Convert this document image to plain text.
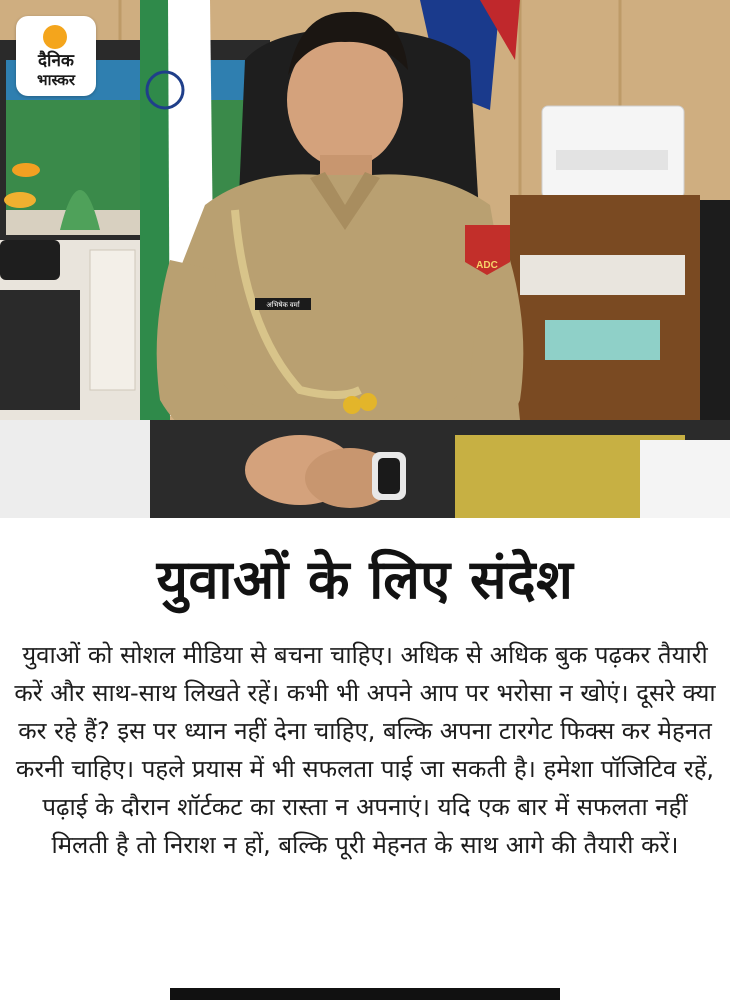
ADC
अभिषेक वर्मा
दैनिक
भास्कर
युवाओं के लिए संदेश

युवाओं को सोशल मीडिया से बचना चाहिए। अधिक से अधिक बुक पढ़कर तैयारी करें और साथ-साथ लिखते रहें। कभी भी अपने आप पर भरोसा न खोएं। दूसरे क्या कर रहे हैं? इस पर ध्यान नहीं देना चाहिए, बल्कि अपना टारगेट फिक्स कर मेहनत करनी चाहिए। पहले प्रयास में भी सफलता पाई जा सकती है। हमेशा पॉजिटिव रहें, पढ़ाई के दौरान शॉर्टकट का रास्ता न अपनाएं। यदि एक बार में सफलता नहीं मिलती है तो निराश न हों, बल्कि पूरी मेहनत के साथ आगे की तैयारी करें।
